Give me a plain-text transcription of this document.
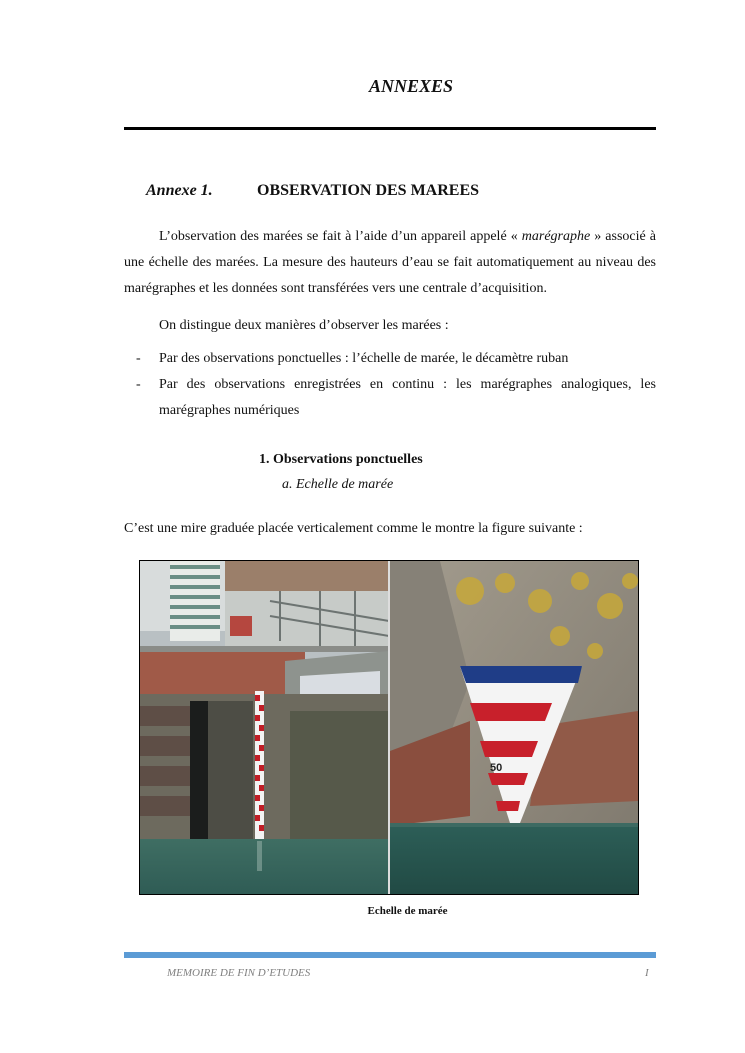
ANNEXES
Annexe 1.	OBSERVATION DES MAREES
L’observation des marées se fait à l’aide d’un appareil appelé « marégraphe » associé à une échelle des marées. La mesure des hauteurs d’eau se fait automatiquement au niveau des marégraphes et les données sont transférées vers une centrale d’acquisition.
On distingue deux manières d’observer les marées :
- Par des observations ponctuelles : l’échelle de marée, le décamètre ruban
- Par des observations enregistrées en continu : les marégraphes analogiques, les marégraphes numériques
1. Observations ponctuelles
a. Echelle de marée
C’est une mire graduée placée verticalement comme le montre la figure suivante :
50
Echelle de marée
MEMOIRE DE FIN D’ETUDES	I
